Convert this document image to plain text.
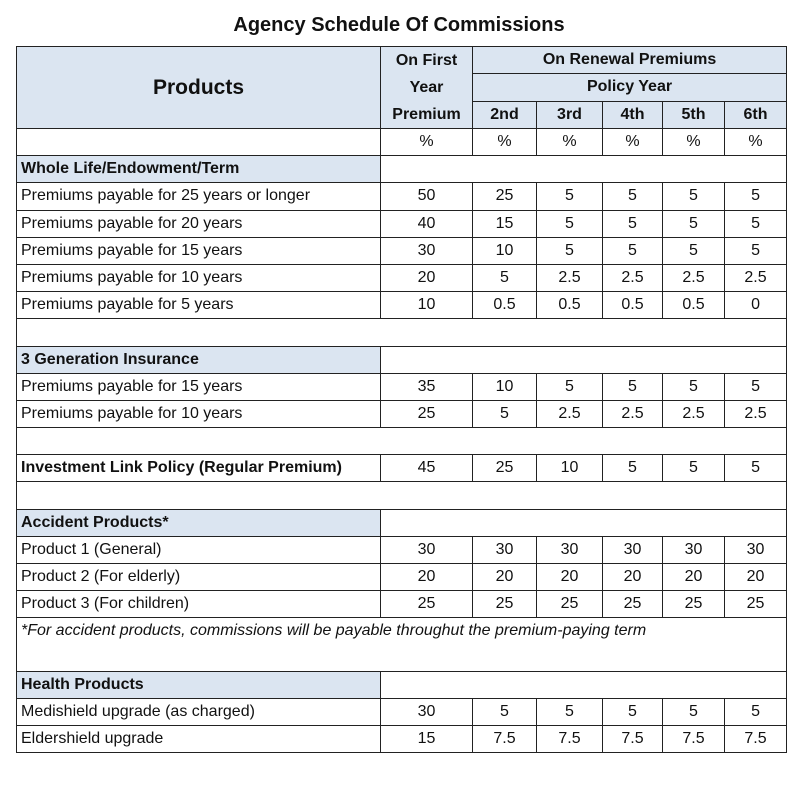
Agency Schedule Of Commissions
Products	On First Year Premium	On Renewal Premiums				
		Policy Year				
		2nd	3rd	4th	5th	6th
	%	%	%	%	%	%
Whole Life/Endowment/Term						
Premiums payable for 25 years or longer	50	25	5	5	5	5
Premiums payable for 20 years	40	15	5	5	5	5
Premiums payable for 15 years	30	10	5	5	5	5
Premiums payable for 10 years	20	5	2.5	2.5	2.5	2.5
Premiums payable for 5 years	10	0.5	0.5	0.5	0.5	0

3 Generation Insurance						
Premiums payable for 15 years	35	10	5	5	5	5
Premiums payable for 10 years	25	5	2.5	2.5	2.5	2.5

Investment Link Policy (Regular Premium)	45	25	10	5	5	5

Accident Products*						
Product 1 (General)	30	30	30	30	30	30
Product 2 (For elderly)	20	20	20	20	20	20
Product 3 (For children)	25	25	25	25	25	25
*For accident products, commissions will be payable throughut the premium-paying term						

Health Products						
Medishield upgrade (as charged)	30	5	5	5	5	5
Eldershield upgrade	15	7.5	7.5	7.5	7.5	7.5
